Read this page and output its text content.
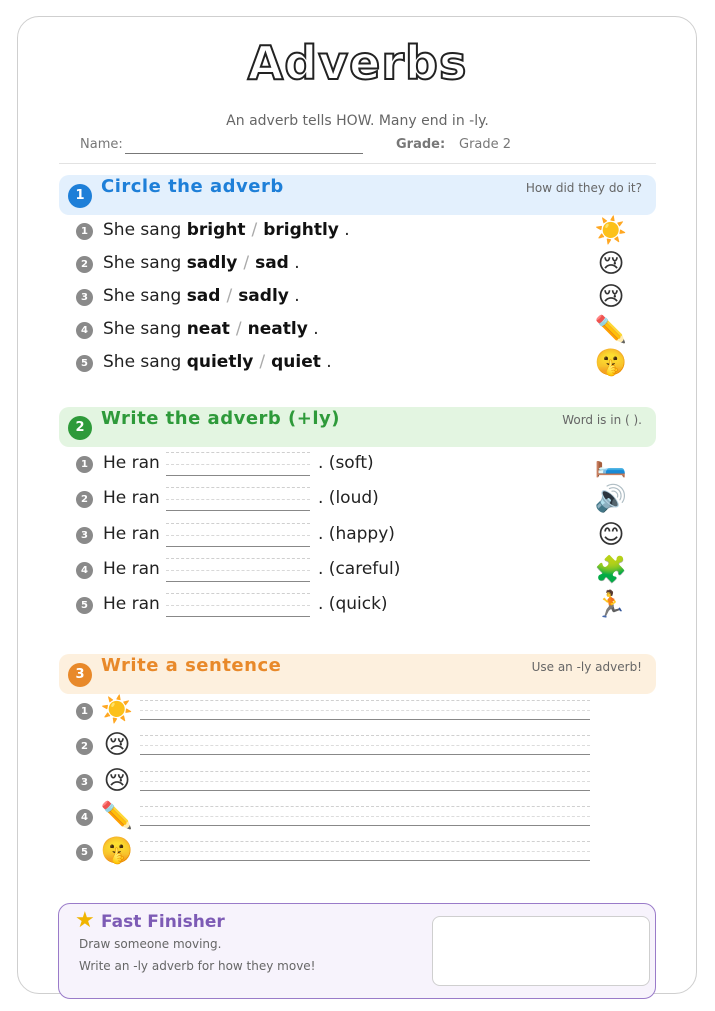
Adverbs
An adverb tells HOW. Many end in -ly.
Name:	Grade: Grade 2
1 Circle the adverb	How did they do it?
1 She sang bright / brightly .	☀️
2 She sang sadly / sad .	😢
3 She sang sad / sadly .	😢
4 She sang neat / neatly .	✏️
5 She sang quietly / quiet .	🤫
2 Write the adverb (+ly)	Word is in ( ).
1 He ran	. (soft)	🛏️
2 He ran	. (loud)	🔊
3 He ran	. (happy)	😊
4 He ran	. (careful)	🧩
5 He ran	. (quick)	🏃
3 Write a sentence	Use an -ly adverb!
1 ☀️
2 😢
3 😢
4 ✏️
5 🤫
★ Fast Finisher
Draw someone moving.
Write an -ly adverb for how they move!
